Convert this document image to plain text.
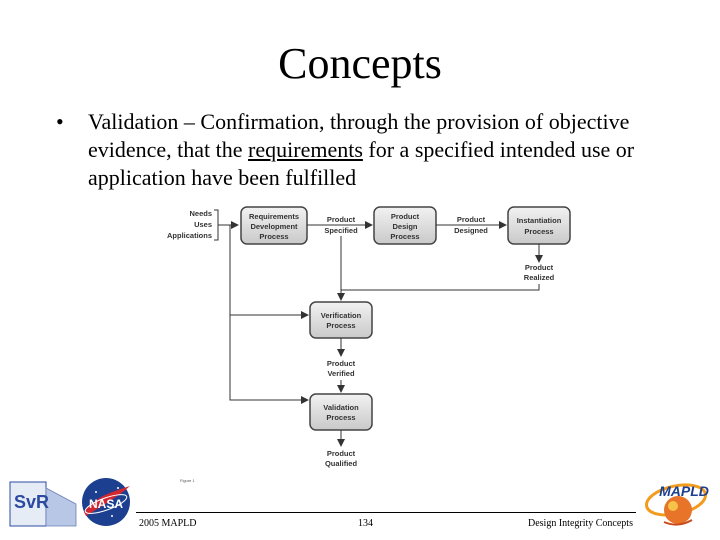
Concepts
• Validation – Confirmation, through the provision of objective evidence, that the requirements for a specified intended use or application have been fulfilled
Needs
Uses
Applications
Requirements
Development
Process
Product
Design
Process
Instantiation
Process
Verification
Process
Validation
Process
Product
Specified
Product
Designed
Product
Realized
Product
Verified
Product
Qualified
Figure 1
SvR	NASA
MAPLD
2005 MAPLD	134	Design Integrity Concepts
